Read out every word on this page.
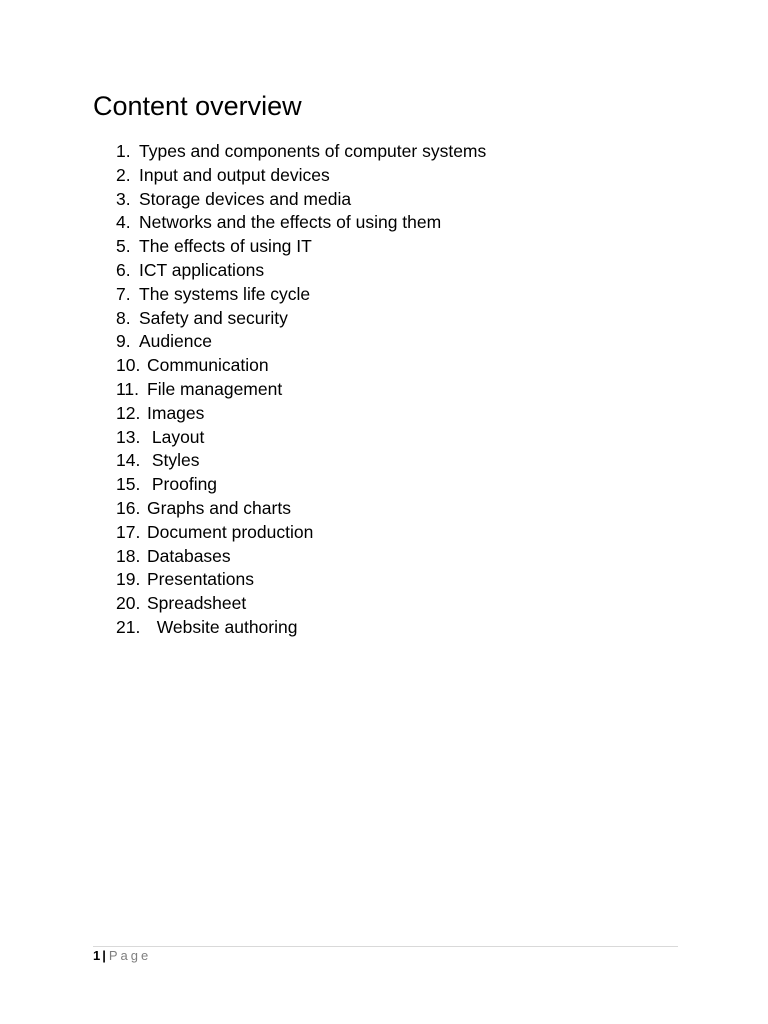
Content overview
1. Types and components of computer systems
2. Input and output devices
3. Storage devices and media
4. Networks and the effects of using them
5. The effects of using IT
6. ICT applications
7. The systems life cycle
8. Safety and security
9. Audience
10. Communication
11. File management
12. Images
13. Layout
14. Styles
15. Proofing
16. Graphs and charts
17. Document production
18. Databases
19. Presentations
20. Spreadsheet
21.  Website authoring
1 | Page
